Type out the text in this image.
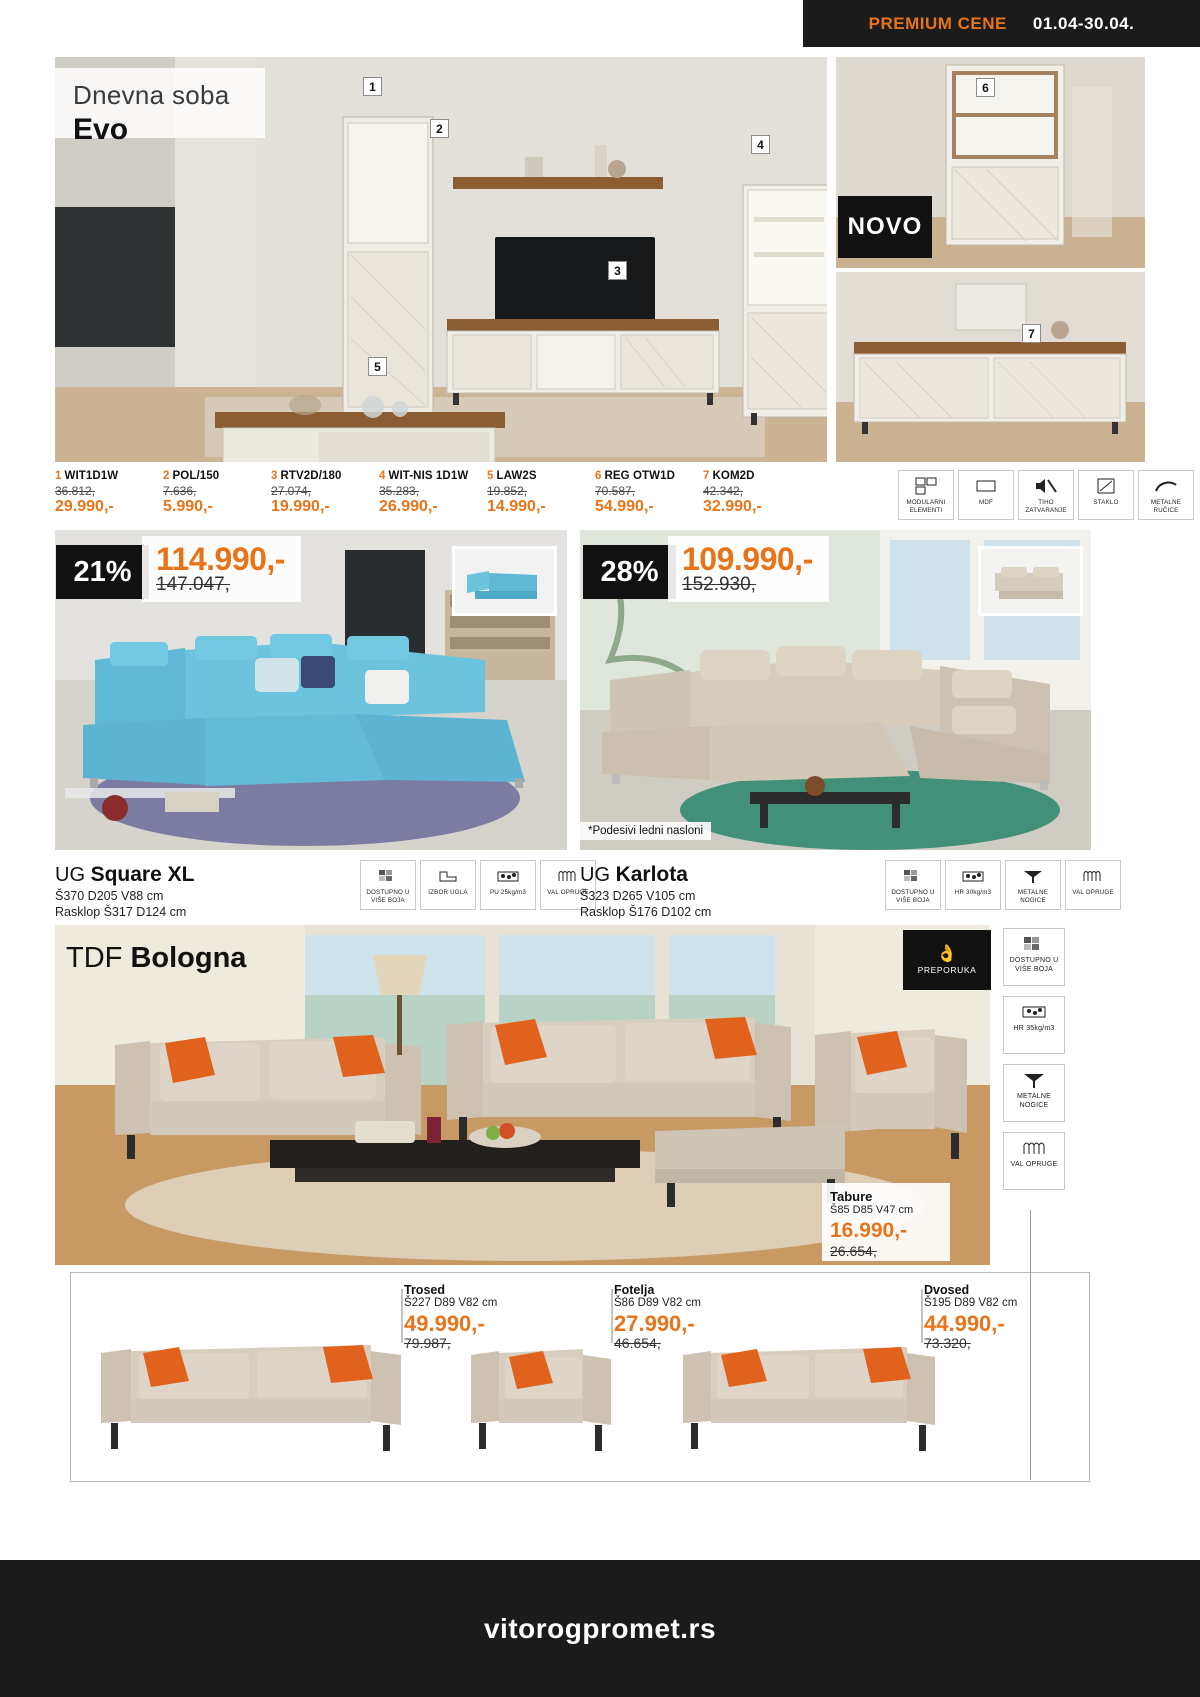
PREMIUM CENE 01.04-30.04.
1
2
3
4
5
6
7
Dnevna soba
Evo
NOVO
1 WIT1D1W
36.812,
29.990,-
2 POL/150
7.636,
5.990,-
3 RTV2D/180
27.074,
19.990,-
4 WIT-NIS 1D1W
35.283,
26.990,-
5 LAW2S
19.852,
14.990,-
6 REG OTW1D
70.587,
54.990,-
7 KOM2D
42.342,
32.990,-	MODULARNI ELEMENTI
MDF	TIHO ZATVARANJE
STAKLO	METALNE RUČICE
21% 114.990,-
147.047,
UG Square XL
Š370 D205 V88 cm
Rasklop Š317 D124 cm
DOSTUPNO U VIŠE BOJA
IZBOR UGLA	PU 25kg/m3	VAL OPRUGE
28% 109.990,-
152.930,
*Podesivi ledni nasloni
UG Karlota
Š323 D265 V105 cm
Rasklop Š176 D102 cm
DOSTUPNO U VIŠE BOJA
HR 30kg/m3	METALNE NOGICE
VAL OPRUGE
TDF Bologna	👌
PREPORUKA
DOSTUPNO U VIŠE BOJA
HR 35kg/m3
METALNE NOGICE
VAL OPRUGE
Tabure
Š85 D85 V47 cm
16.990,-
26.654,
Trosed
Š227 D89 V82 cm
49.990,-
79.987,
Fotelja
Š86 D89 V82 cm
27.990,-
46.654,
Dvosed
Š195 D89 V82 cm
44.990,-
73.320,
vitorogpromet.rs
